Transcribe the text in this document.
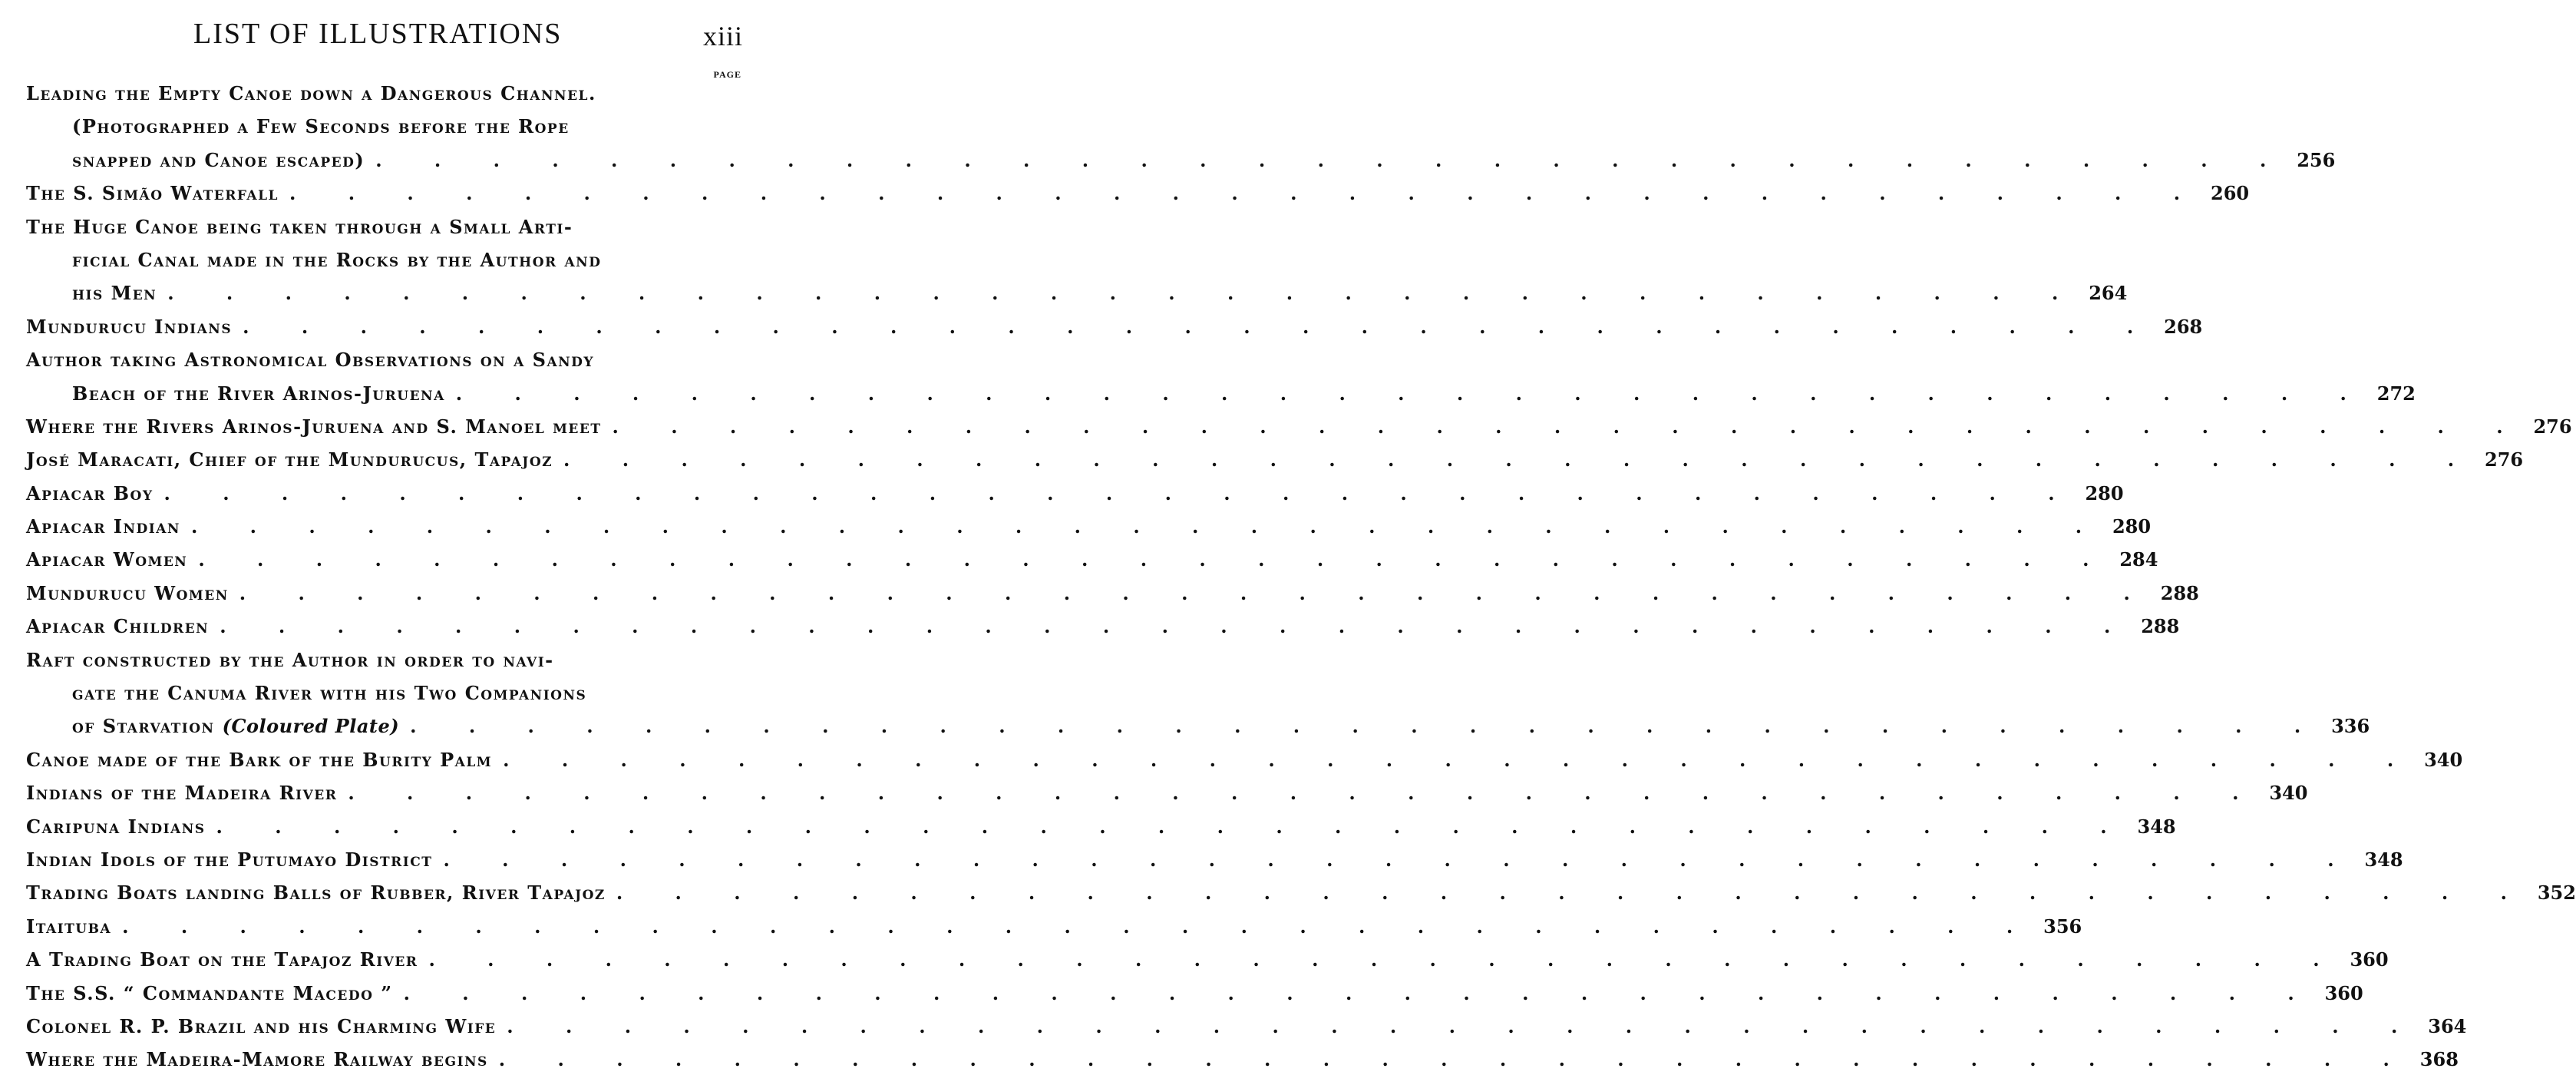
LIST OF ILLUSTRATIONS	xiii
PAGE
Leading the Empty Canoe down a Dangerous Channel.
(Photographed a Few Seconds before the Rope
snapped and Canoe escaped) . . . . . . . . . . . . . . . . . . . . . . . . . . . . . . . . . 256
The S. Simão Waterfall . . . . . . . . . . . . . . . . . . . . . . . . . . . . . . . . . 260
The Huge Canoe being taken through a Small Arti-
ficial Canal made in the Rocks by the Author and
his Men . . . . . . . . . . . . . . . . . . . . . . . . . . . . . . . . . 264
Mundurucu Indians . . . . . . . . . . . . . . . . . . . . . . . . . . . . . . . . . 268
Author taking Astronomical Observations on a Sandy
Beach of the River Arinos-Juruena . . . . . . . . . . . . . . . . . . . . . . . . . . . . . . . . . 272
Where the Rivers Arinos-Juruena and S. Manoel meet . . . . . . . . . . . . . . . . . . . . . . . . . . . . . . . . . 276
José Maracati, Chief of the Mundurucus, Tapajoz . . . . . . . . . . . . . . . . . . . . . . . . . . . . . . . . . 276
Apiacar Boy . . . . . . . . . . . . . . . . . . . . . . . . . . . . . . . . . 280
Apiacar Indian . . . . . . . . . . . . . . . . . . . . . . . . . . . . . . . . . 280
Apiacar Women . . . . . . . . . . . . . . . . . . . . . . . . . . . . . . . . . 284
Mundurucu Women . . . . . . . . . . . . . . . . . . . . . . . . . . . . . . . . . 288
Apiacar Children . . . . . . . . . . . . . . . . . . . . . . . . . . . . . . . . . 288
Raft constructed by the Author in order to navi-
gate the Canuma River with his Two Companions
of Starvation (Coloured Plate) . . . . . . . . . . . . . . . . . . . . . . . . . . . . . . . . . 336
Canoe made of the Bark of the Burity Palm . . . . . . . . . . . . . . . . . . . . . . . . . . . . . . . . . 340
Indians of the Madeira River . . . . . . . . . . . . . . . . . . . . . . . . . . . . . . . . . 340
Caripuna Indians . . . . . . . . . . . . . . . . . . . . . . . . . . . . . . . . . 348
Indian Idols of the Putumayo District . . . . . . . . . . . . . . . . . . . . . . . . . . . . . . . . . 348
Trading Boats landing Balls of Rubber, River Tapajoz . . . . . . . . . . . . . . . . . . . . . . . . . . . . . . . . . 352
Itaituba . . . . . . . . . . . . . . . . . . . . . . . . . . . . . . . . . 356
A Trading Boat on the Tapajoz River . . . . . . . . . . . . . . . . . . . . . . . . . . . . . . . . . 360
The S.S. “ Commandante Macedo ” . . . . . . . . . . . . . . . . . . . . . . . . . . . . . . . . . 360
Colonel R. P. Brazil and his Charming Wife . . . . . . . . . . . . . . . . . . . . . . . . . . . . . . . . . 364
Where the Madeira-Mamore Railway begins . . . . . . . . . . . . . . . . . . . . . . . . . . . . . . . . . 368
